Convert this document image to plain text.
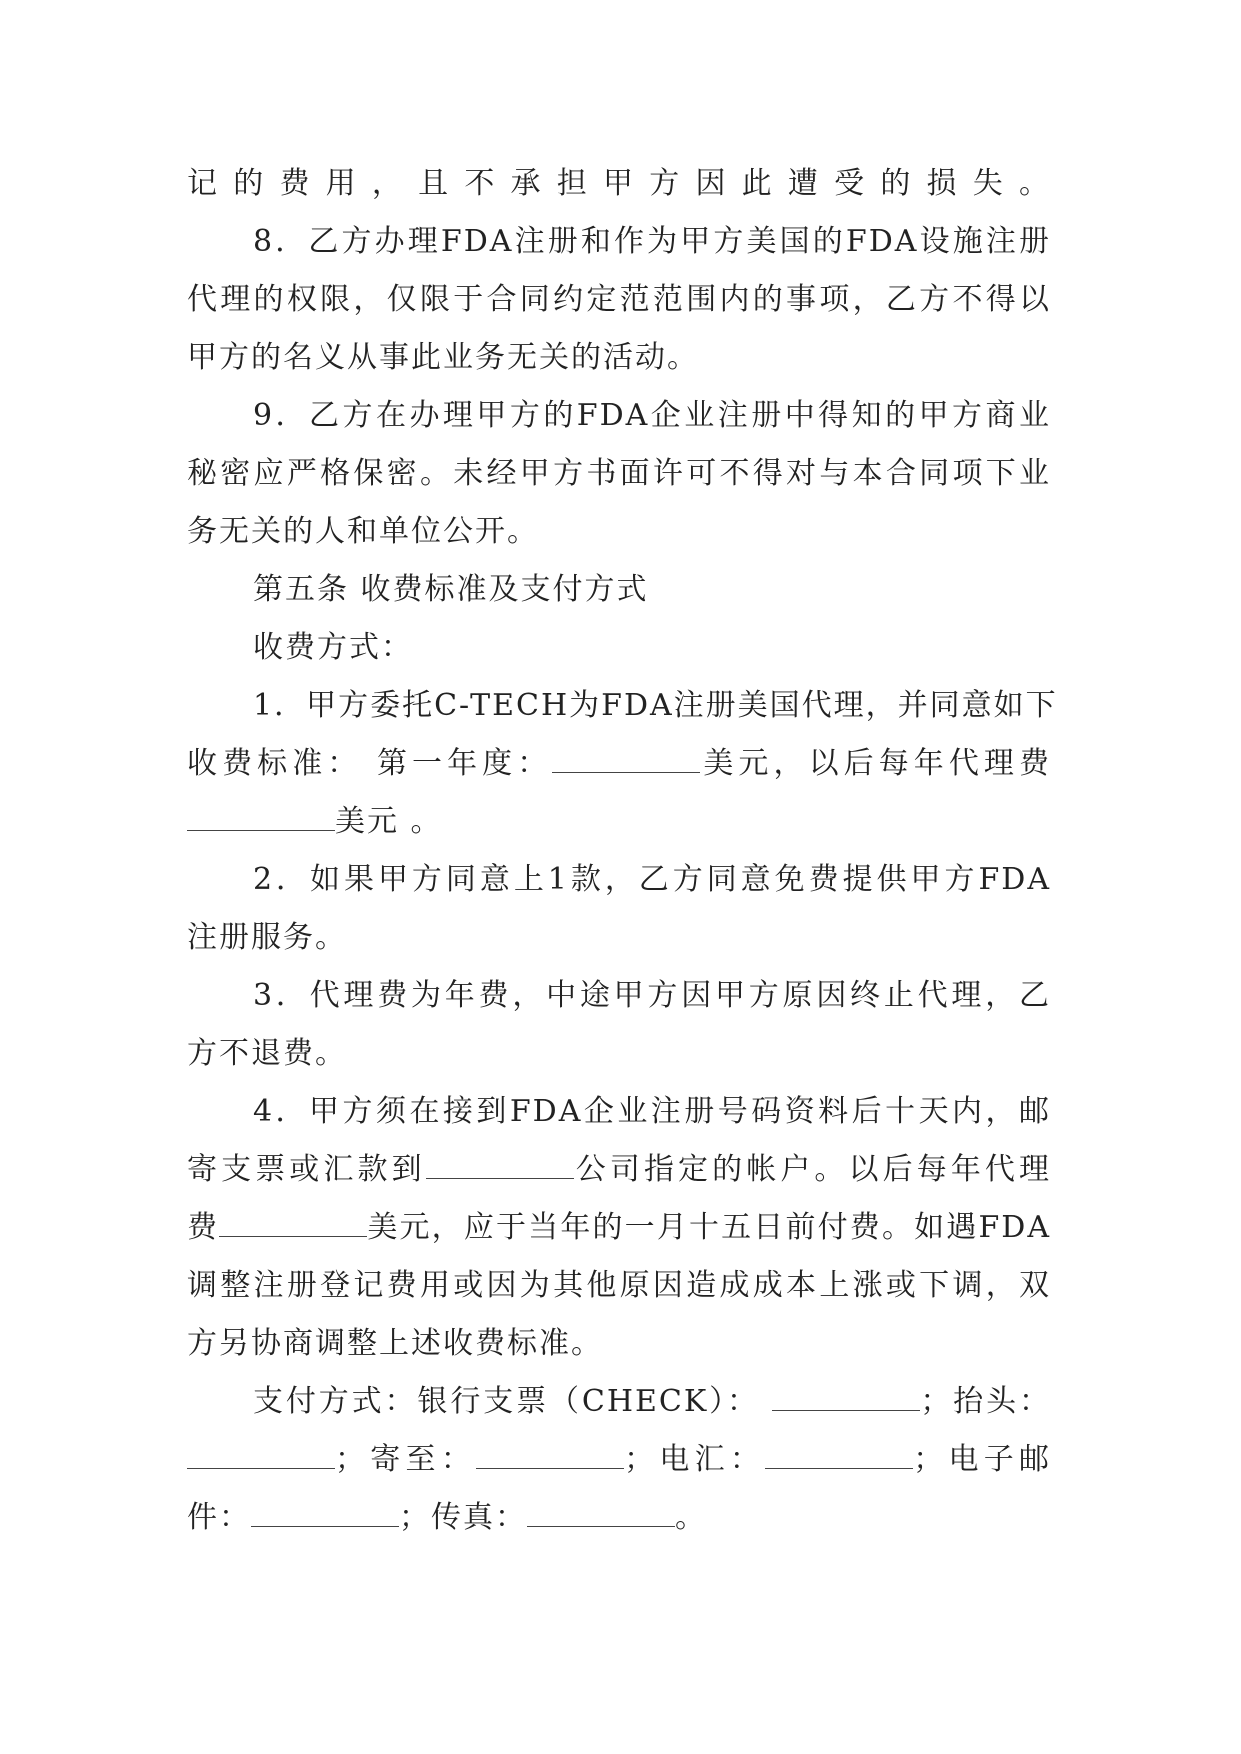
记的费用，且不承担甲方因此遭受的损失。
8．乙方办理FDA注册和作为甲方美国的FDA设施注册
代理的权限，仅限于合同约定范范围内的事项，乙方不得以
甲方的名义从事此业务无关的活动。
9．乙方在办理甲方的FDA企业注册中得知的甲方商业
秘密应严格保密。未经甲方书面许可不得对与本合同项下业
务无关的人和单位公开。
第五条 收费标准及支付方式
收费方式：
1．甲方委托C-TECH为FDA注册美国代理，并同意如下
收费标准： 第一年度：	美元，以后每年代理费
美元 。
2．如果甲方同意上1款，乙方同意免费提供甲方FDA
注册服务。
3．代理费为年费，中途甲方因甲方原因终止代理，乙
方不退费。
4．甲方须在接到FDA企业注册号码资料后十天内，邮
寄支票或汇款到	公司指定的帐户。以后每年代理
费	美元，应于当年的一月十五日前付费。如遇FDA
调整注册登记费用或因为其他原因造成成本上涨或下调，双
方另协商调整上述收费标准。
支付方式：银行支票（CHECK）：	；抬头：
；寄至：	；电汇：	；电子邮
件：	；传真：	。
